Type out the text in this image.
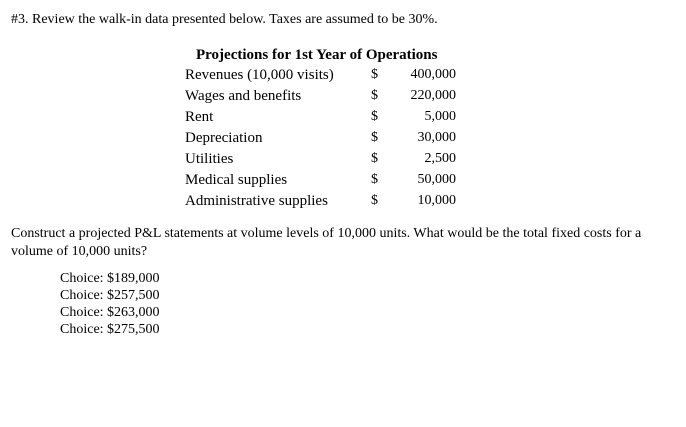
#3. Review the walk-in data presented below. Taxes are assumed to be 30%.
Projections for 1st Year of Operations
Revenues (10,000 visits)	$ 400,000
Wages and benefits	$ 220,000
Rent	$	5,000
Depreciation	$	30,000
Utilities	$	2,500
Medical supplies	$	50,000
Administrative supplies	$	10,000
Construct a projected P&L statements at volume levels of 10,000 units. What would be the total fixed costs for a volume of 10,000 units?
Choice: $189,000
Choice: $257,500
Choice: $263,000
Choice: $275,500
